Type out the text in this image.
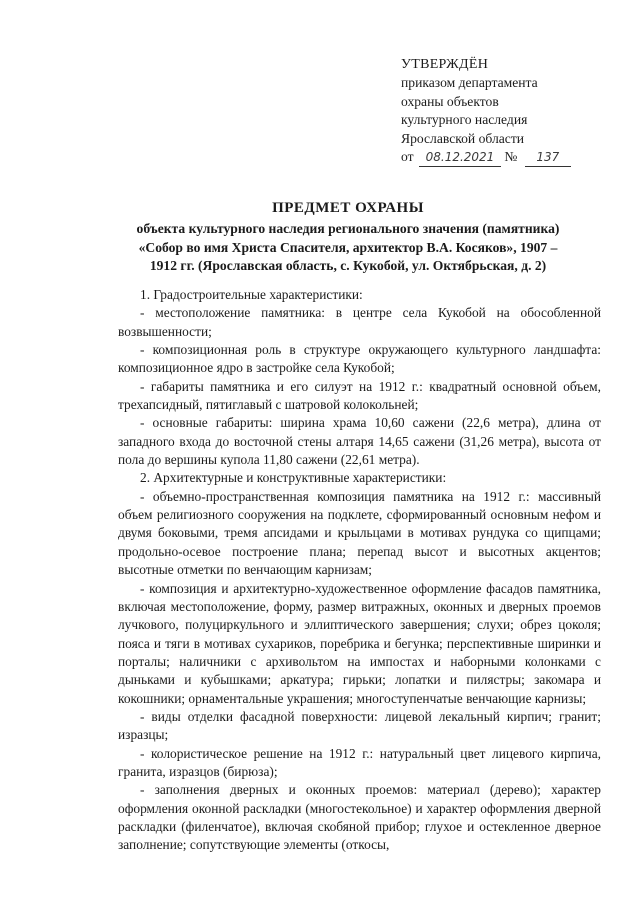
УТВЕРЖДЁН
приказом департамента
охраны объектов
культурного наследия
Ярославской области
от 08.12.2021 № 137
ПРЕДМЕТ ОХРАНЫ
объекта культурного наследия регионального значения (памятника)
«Собор во имя Христа Спасителя, архитектор В.А. Косяков», 1907 –
1912 гг. (Ярославская область, с. Кукобой, ул. Октябрьская, д. 2)

1. Градостроительные характеристики:

- местоположение памятника: в центре села Кукобой на обособленной возвышенности;

- композиционная роль в структуре окружающего культурного ландшафта: композиционное ядро в застройке села Кукобой;

- габариты памятника и его силуэт на 1912 г.: квадратный основной объем, трехапсидный, пятиглавый с шатровой колокольней;

- основные габариты: ширина храма 10,60 сажени (22,6 метра), длина от западного входа до восточной стены алтаря 14,65 сажени (31,26 метра), высота от пола до вершины купола 11,80 сажени (22,61 метра).

2. Архитектурные и конструктивные характеристики:

- объемно-пространственная композиция памятника на 1912 г.: массивный объем религиозного сооружения на подклете, сформированный основным нефом и двумя боковыми, тремя апсидами и крыльцами в мотивах рундука со щипцами; продольно-осевое построение плана; перепад высот и высотных акцентов; высотные отметки по венчающим карнизам;

- композиция и архитектурно-художественное оформление фасадов памятника, включая местоположение, форму, размер витражных, оконных и дверных проемов лучкового, полуциркульного и эллиптического завершения; слухи; обрез цоколя; пояса и тяги в мотивах сухариков, поребрика и бегунка; перспективные ширинки и порталы; наличники с архивольтом на импостах и наборными колонками с дыньками и кубышками; аркатура; гирьки; лопатки и пилястры; закомара и кокошники; орнаментальные украшения; многоступенчатые венчающие карнизы;

- виды отделки фасадной поверхности: лицевой лекальный кирпич; гранит; изразцы;

- колористическое решение на 1912 г.: натуральный цвет лицевого кирпича, гранита, изразцов (бирюза);

- заполнения дверных и оконных проемов: материал (дерево); характер оформления оконной раскладки (многостекольное) и характер оформления дверной раскладки (филенчатое), включая скобяной прибор; глухое и остекленное дверное заполнение; сопутствующие элементы (откосы,
